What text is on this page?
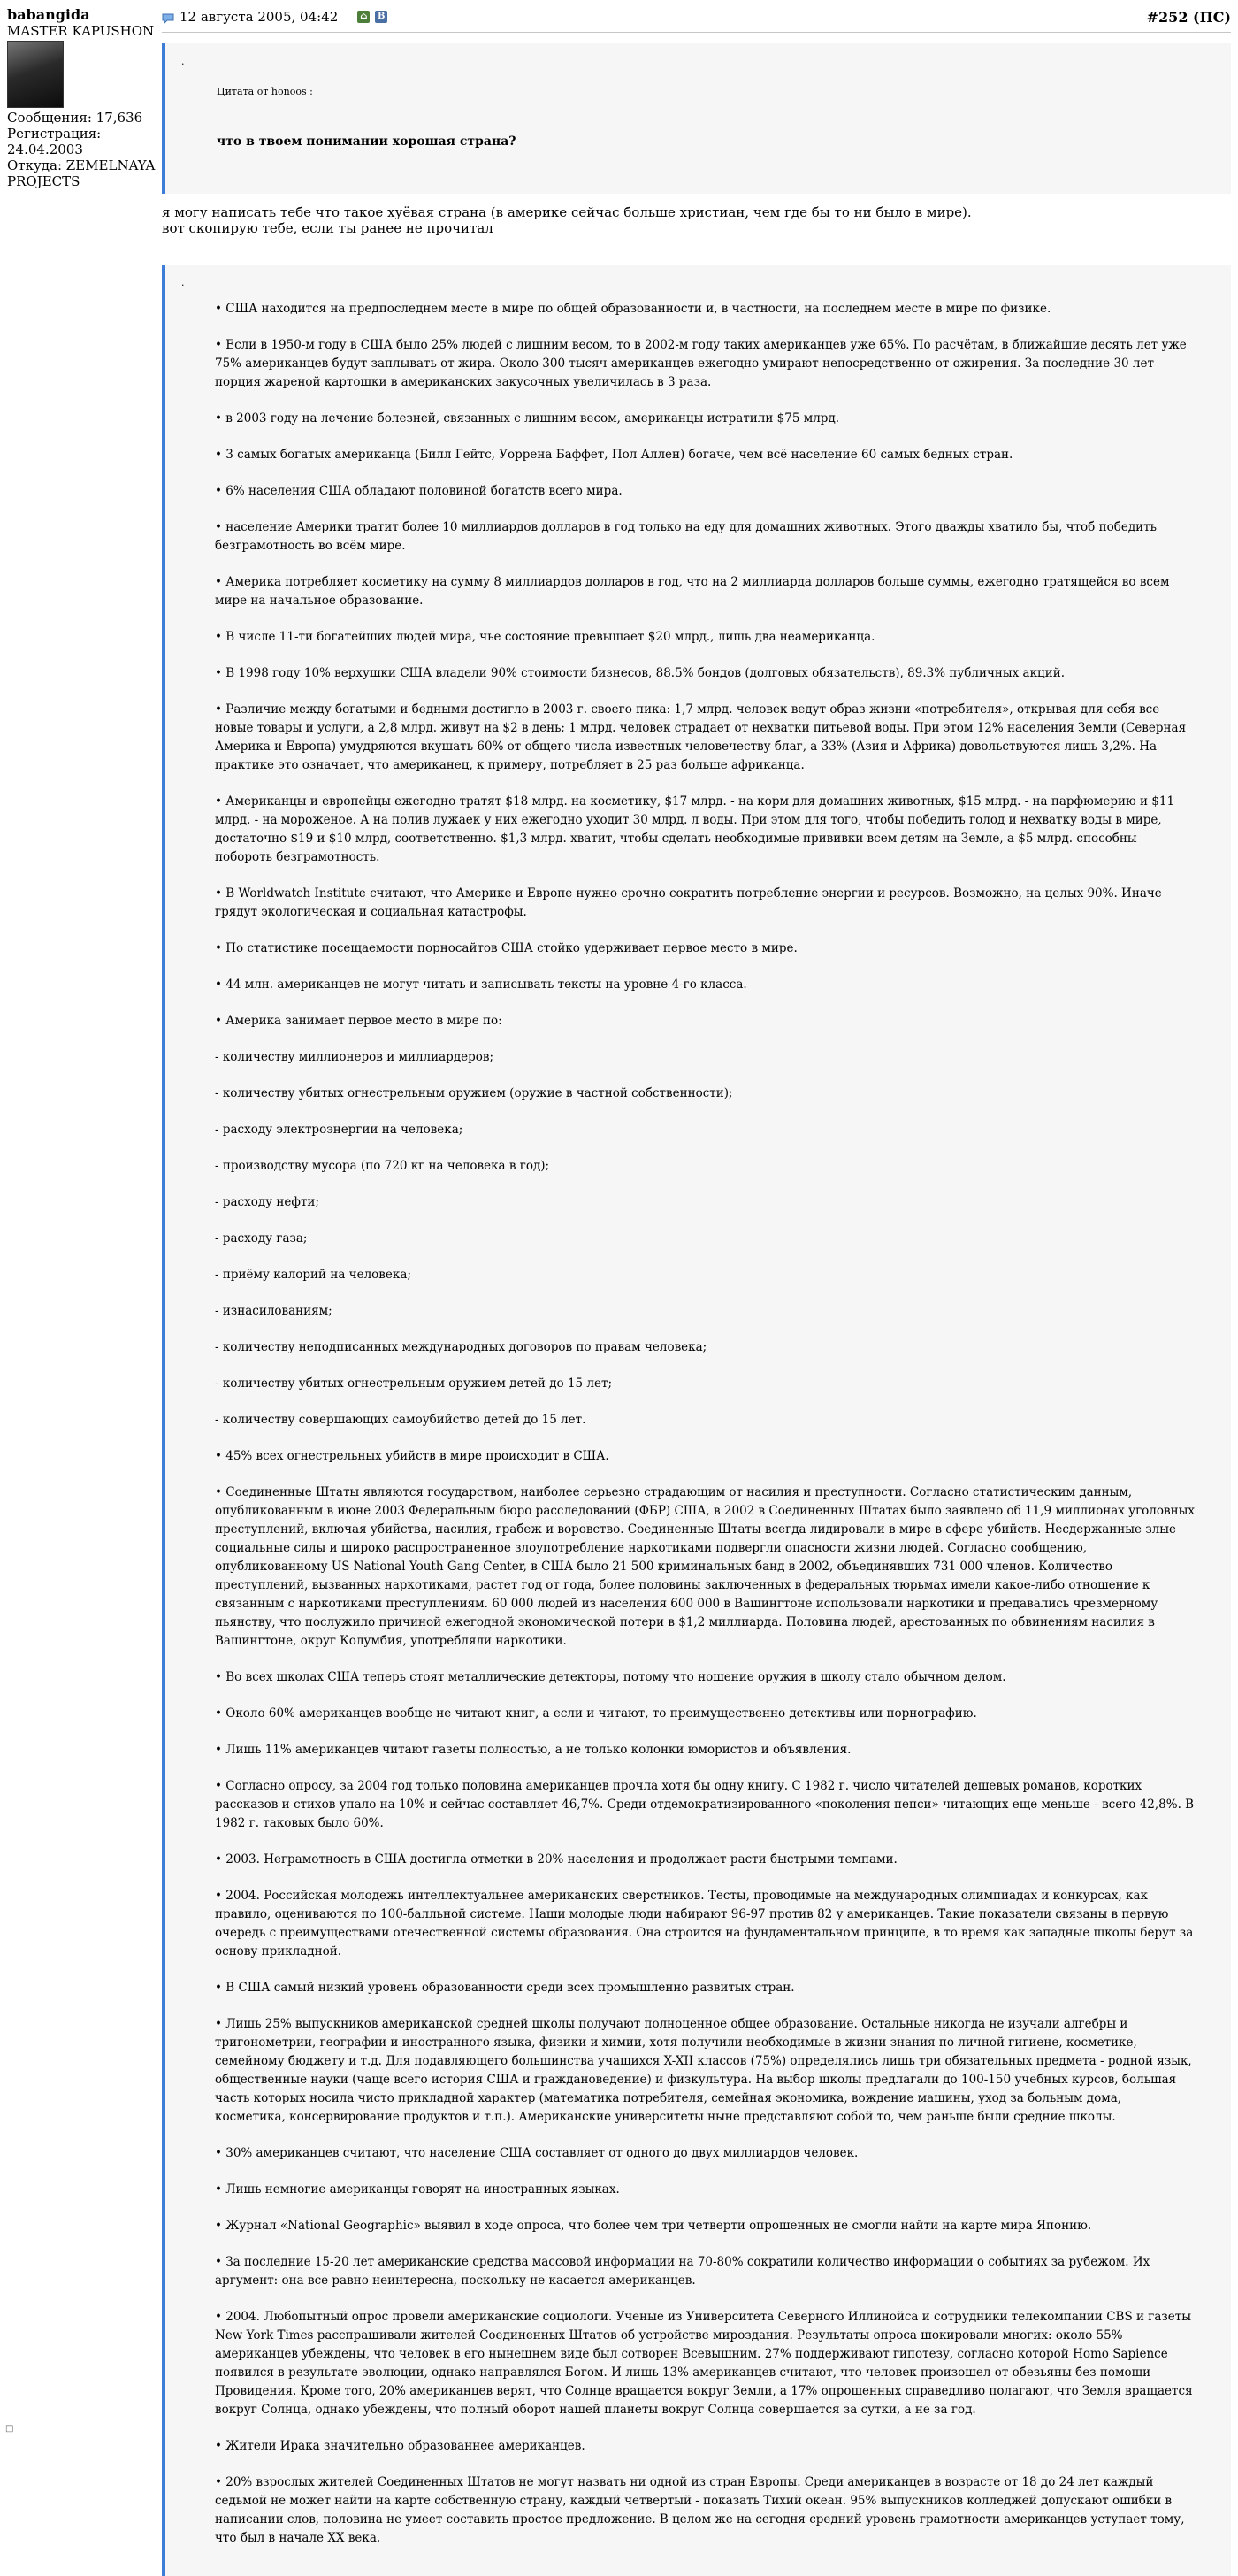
babangida
MASTER KAPUSHON
Сообщения: 17,636
Регистрация: 24.04.2003
Откуда: ZEMELNAYA PROJECTS
12 августа 2005, 04:42 ⌂ B	#252 (ПС)
.
Цитата от honoos :
что в твоем понимании хорошая страна?
я могу написать тебе что такое хуёвая страна (в америке сейчас больше христиан, чем где бы то ни было в мире).
вот скопирую тебе, если ты ранее не прочитал
.

• США находится на предпоследнем месте в мире по общей образованности и, в частности, на последнем месте в мире по физике.

• Если в 1950-м году в США было 25% людей с лишним весом, то в 2002-м году таких американцев уже 65%. По расчётам, в ближайшие десять лет уже 75% американцев будут заплывать от жира. Около 300 тысяч американцев ежегодно умирают непосредственно от ожирения. За последние 30 лет порция жареной картошки в американских закусочных увеличилась в 3 раза.

• в 2003 году на лечение болезней, связанных с лишним весом, американцы истратили $75 млрд.

• 3 самых богатых американца (Билл Гейтс, Уоррена Баффет, Пол Аллен) богаче, чем всё население 60 самых бедных стран.

• 6% населения США обладают половиной богатств всего мира.

• население Америки тратит более 10 миллиардов долларов в год только на еду для домашних животных. Этого дважды хватило бы, чтоб победить безграмотность во всём мире.

• Америка потребляет косметику на сумму 8 миллиардов долларов в год, что на 2 миллиарда долларов больше суммы, ежегодно тратящейся во всем мире на начальное образование.

• В числе 11-ти богатейших людей мира, чье состояние превышает $20 млрд., лишь два неамериканца.

• В 1998 году 10% верхушки США владели 90% стоимости бизнесов, 88.5% бондов (долговых обязательств), 89.3% публичных акций.

• Различие между богатыми и бедными достигло в 2003 г. своего пика: 1,7 млрд. человек ведут образ жизни «потребителя», открывая для себя все новые товары и услуги, а 2,8 млрд. живут на $2 в день; 1 млрд. человек страдает от нехватки питьевой воды. При этом 12% населения Земли (Северная Америка и Европа) умудряются вкушать 60% от общего числа известных человечеству благ, а 33% (Азия и Африка) довольствуются лишь 3,2%. На практике это означает, что американец, к примеру, потребляет в 25 раз больше африканца.

• Американцы и европейцы ежегодно тратят $18 млрд. на косметику, $17 млрд. - на корм для домашних животных, $15 млрд. - на парфюмерию и $11 млрд. - на мороженое. А на полив лужаек у них ежегодно уходит 30 млрд. л воды. При этом для того, чтобы победить голод и нехватку воды в мире, достаточно $19 и $10 млрд, соответственно. $1,3 млрд. хватит, чтобы сделать необходимые прививки всем детям на Земле, а $5 млрд. способны побороть безграмотность.

• В Worldwatch Institute считают, что Америке и Европе нужно срочно сократить потребление энергии и ресурсов. Возможно, на целых 90%. Иначе грядут экологическая и социальная катастрофы.

• По статистике посещаемости порносайтов США стойко удерживает первое место в мире.

• 44 млн. американцев не могут читать и записывать тексты на уровне 4-го класса.

• Америка занимает первое место в мире по:

- количеству миллионеров и миллиардеров;

- количеству убитых огнестрельным оружием (оружие в частной собственности);

- расходу электроэнергии на человека;

- производству мусора (по 720 кг на человека в год);

- расходу нефти;

- расходу газа;

- приёму калорий на человека;

- изнасилованиям;

- количеству неподписанных международных договоров по правам человека;

- количеству убитых огнестрельным оружием детей до 15 лет;

- количеству совершающих самоубийство детей до 15 лет.

• 45% всех огнестрельных убийств в мире происходит в США.

• Соединенные Штаты являются государством, наиболее серьезно страдающим от насилия и преступности. Согласно статистическим данным, опубликованным в июне 2003 Федеральным бюро расследований (ФБР) США, в 2002 в Соединенных Штатах было заявлено об 11,9 миллионах уголовных преступлений, включая убийства, насилия, грабеж и воровство. Соединенные Штаты всегда лидировали в мире в сфере убийств. Несдержанные злые социальные силы и широко распространенное злоупотребление наркотиками подвергли опасности жизни людей. Согласно сообщению, опубликованному US National Youth Gang Center, в США было 21 500 криминальных банд в 2002, объединявших 731 000 членов. Количество преступлений, вызванных наркотиками, растет год от года, более половины заключенных в федеральных тюрьмах имели какое-либо отношение к связанным с наркотиками преступлениям. 60 000 людей из населения 600 000 в Вашингтоне использовали наркотики и предавались чрезмерному пьянству, что послужило причиной ежегодной экономической потери в $1,2 миллиарда. Половина людей, арестованных по обвинениям насилия в Вашингтоне, округ Колумбия, употребляли наркотики.

• Во всех школах США теперь стоят металлические детекторы, потому что ношение оружия в школу стало обычном делом.

• Около 60% американцев вообще не читают книг, а если и читают, то преимущественно детективы или порнографию.

• Лишь 11% американцев читают газеты полностью, а не только колонки юмористов и объявления.

• Согласно опросу, за 2004 год только половина американцев прочла хотя бы одну книгу. С 1982 г. число читателей дешевых романов, коротких рассказов и стихов упало на 10% и сейчас составляет 46,7%. Среди отдемократизированного «поколения пепси» читающих еще меньше - всего 42,8%. В 1982 г. таковых было 60%.

• 2003. Неграмотность в США достигла отметки в 20% населения и продолжает расти быстрыми темпами.

• 2004. Российская молодежь интеллектуальнее американских сверстников. Тесты, проводимые на международных олимпиадах и конкурсах, как правило, оцениваются по 100-балльной системе. Наши молодые люди набирают 96-97 против 82 у американцев. Такие показатели связаны в первую очередь с преимуществами отечественной системы образования. Она строится на фундаментальном принципе, в то время как западные школы берут за основу прикладной.

• В США самый низкий уровень образованности среди всех промышленно развитых стран.

• Лишь 25% выпускников американской средней школы получают полноценное общее образование. Остальные никогда не изучали алгебры и тригонометрии, географии и иностранного языка, физики и химии, хотя получили необходимые в жизни знания по личной гигиене, косметике, семейному бюджету и т.д. Для подавляющего большинства учащихся X-XII классов (75%) определялись лишь три обязательных предмета - родной язык, общественные науки (чаще всего история США и граждановедение) и физкультура. На выбор школы предлагали до 100-150 учебных курсов, большая часть которых носила чисто прикладной характер (математика потребителя, семейная экономика, вождение машины, уход за больным дома, косметика, консервирование продуктов и т.п.). Американские университеты ныне представляют собой то, чем раньше были средние школы.

• 30% американцев считают, что население США составляет от одного до двух миллиардов человек.

• Лишь немногие американцы говорят на иностранных языках.

• Журнал «National Geographic» выявил в ходе опроса, что более чем три четверти опрошенных не смогли найти на карте мира Японию.

• За последние 15-20 лет американские средства массовой информации на 70-80% сократили количество информации о событиях за рубежом. Их аргумент: она все равно неинтересна, поскольку не касается американцев.

• 2004. Любопытный опрос провели американские социологи. Ученые из Университета Северного Иллинойса и сотрудники телекомпании CBS и газеты New York Times расспрашивали жителей Соединенных Штатов об устройстве мироздания. Результаты опроса шокировали многих: около 55% американцев убеждены, что человек в его нынешнем виде был сотворен Всевышним. 27% поддерживают гипотезу, согласно которой Homo Sapience появился в результате эволюции, однако направлялся Богом. И лишь 13% американцев считают, что человек произошел от обезьяны без помощи Провидения. Кроме того, 20% американцев верят, что Солнце вращается вокруг Земли, а 17% опрошенных справедливо полагают, что Земля вращается вокруг Солнца, однако убеждены, что полный оборот нашей планеты вокруг Солнца совершается за сутки, а не за год.

• Жители Ирака значительно образованнее американцев.

• 20% взрослых жителей Соединенных Штатов не могут назвать ни одной из стран Европы. Среди американцев в возрасте от 18 до 24 лет каждый седьмой не может найти на карте собственную страну, каждый четвертый - показать Тихий океан. 95% выпускников колледжей допускают ошибки в написании слов, половина не умеет составить простое предложение. В целом же на сегодня средний уровень грамотности американцев уступает тому, что был в начале XX века.

□
